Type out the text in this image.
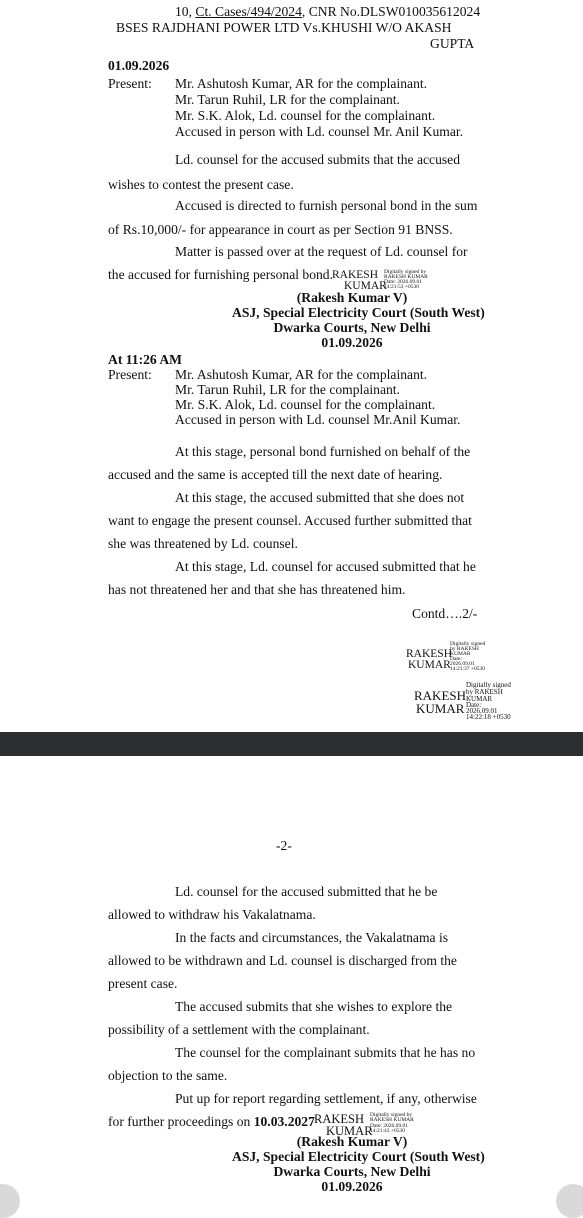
10, Ct. Cases/494/2024, CNR No.DLSW010035612024
BSES RAJDHANI POWER LTD Vs.KHUSHI W/O AKASH
GUPTA
01.09.2026
Present: Mr. Ashutosh Kumar, AR for the complainant.
Mr. Tarun Ruhil, LR for the complainant.
Mr. S.K. Alok, Ld. counsel for the complainant.
Accused in person with Ld. counsel Mr. Anil Kumar.
Ld. counsel for the accused submits that the accused
wishes to contest the present case.
Accused is directed to furnish personal bond in the sum
of Rs.10,000/- for appearance in court as per Section 91 BNSS.
Matter is passed over at the request of Ld. counsel for
the accused for furnishing personal bond. RAKESH
KUMAR
Digitally signed by
RAKESH KUMAR
Date: 2026.09.01
14:21:53 +0530
(Rakesh Kumar V)
ASJ, Special Electricity Court (South West)
Dwarka Courts, New Delhi
01.09.2026
At 11:26 AM
Present: Mr. Ashutosh Kumar, AR for the complainant.
Mr. Tarun Ruhil, LR for the complainant.
Mr. S.K. Alok, Ld. counsel for the complainant.
Accused in person with Ld. counsel Mr.Anil Kumar.
At this stage, personal bond furnished on behalf of the
accused and the same is accepted till the next date of hearing.
At this stage, the accused submitted that she does not
want to engage the present counsel. Accused further submitted that
she was threatened by Ld. counsel.
At this stage, Ld. counsel for accused submitted that he
has not threatened her and that she has threatened him.
Contd….2/-
RAKESH
KUMAR
Digitally signed
by RAKESH
KUMAR
Date:
2026.09.01
14:21:37 +0530
RAKESH
KUMAR
Digitally signed
by RAKESH
KUMAR
Date:
2026.09.01
14:22:18 +0530
-2-
Ld. counsel for the accused submitted that he be
allowed to withdraw his Vakalatnama.
In the facts and circumstances, the Vakalatnama is
allowed to be withdrawn and Ld. counsel is discharged from the
present case.
The accused submits that she wishes to explore the
possibility of a settlement with the complainant.
The counsel for the complainant submits that he has no
objection to the same.
Put up for report regarding settlement, if any, otherwise
for further proceedings on 10.03.2027 RAKESH
KUMAR
Digitally signed by
RAKESH KUMAR
Date: 2026.09.01
14:21:43 +0530
(Rakesh Kumar V)
ASJ, Special Electricity Court (South West)
Dwarka Courts, New Delhi
01.09.2026
